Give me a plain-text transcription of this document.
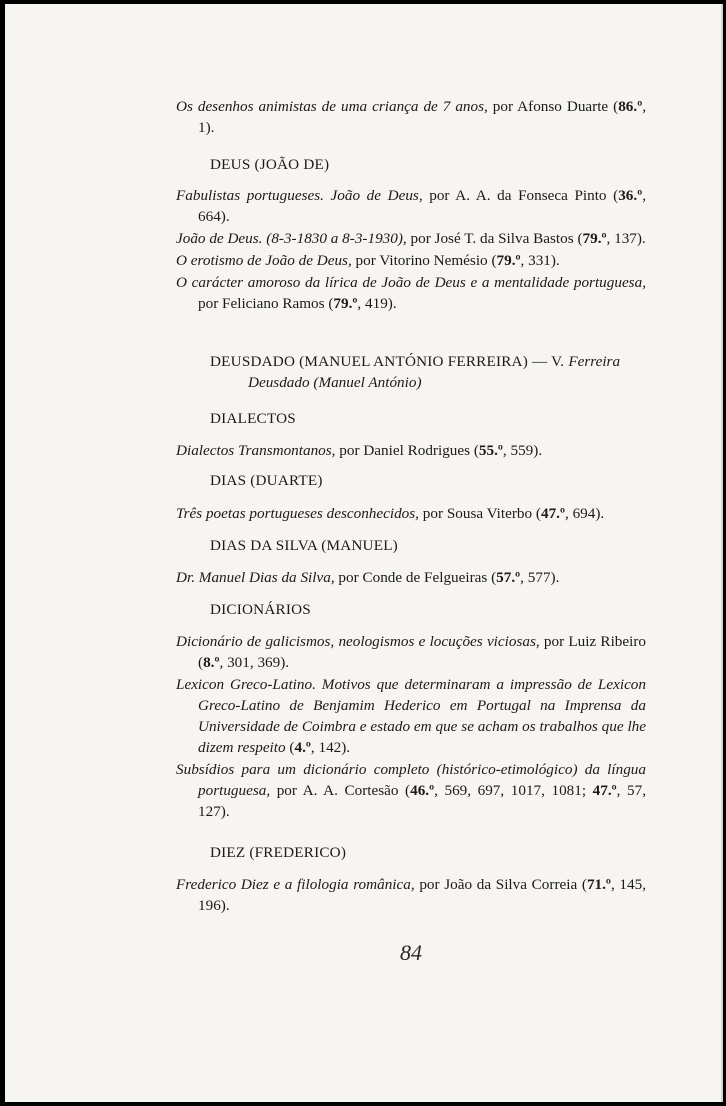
Os desenhos animistas de uma criança de 7 anos, por Afonso Duarte (86.º, 1).

DEUS (JOÃO DE)

Fabulistas portugueses. João de Deus, por A. A. da Fonseca Pinto (36.º, 664).

João de Deus. (8-3-1830 a 8-3-1930), por José T. da Silva Bastos (79.º, 137).

O erotismo de João de Deus, por Vitorino Nemésio (79.º, 331).

O carácter amoroso da lírica de João de Deus e a mentalidade portuguesa, por Feliciano Ramos (79.º, 419).

DEUSDADO (MANUEL ANTÓNIO FERREIRA) — V. Ferreira

Deusdado (Manuel António)

DIALECTOS

Dialectos Transmontanos, por Daniel Rodrigues (55.º, 559).

DIAS (DUARTE)

Três poetas portugueses desconhecidos, por Sousa Viterbo (47.º, 694).

DIAS DA SILVA (MANUEL)

Dr. Manuel Dias da Silva, por Conde de Felgueiras (57.º, 577).

DICIONÁRIOS

Dicionário de galicismos, neologismos e locuções viciosas, por Luiz Ribeiro (8.º, 301, 369).

Lexicon Greco-Latino. Motivos que determinaram a impressão de Lexicon Greco-Latino de Benjamim Hederico em Portugal na Imprensa da Universidade de Coimbra e estado em que se acham os trabalhos que lhe dizem respeito (4.º, 142).

Subsídios para um dicionário completo (histórico-etimológico) da língua portuguesa, por A. A. Cortesão (46.º, 569, 697, 1017, 1081; 47.º, 57, 127).

DIEZ (FREDERICO)

Frederico Diez e a filologia românica, por João da Silva Correia (71.º, 145, 196).

84
